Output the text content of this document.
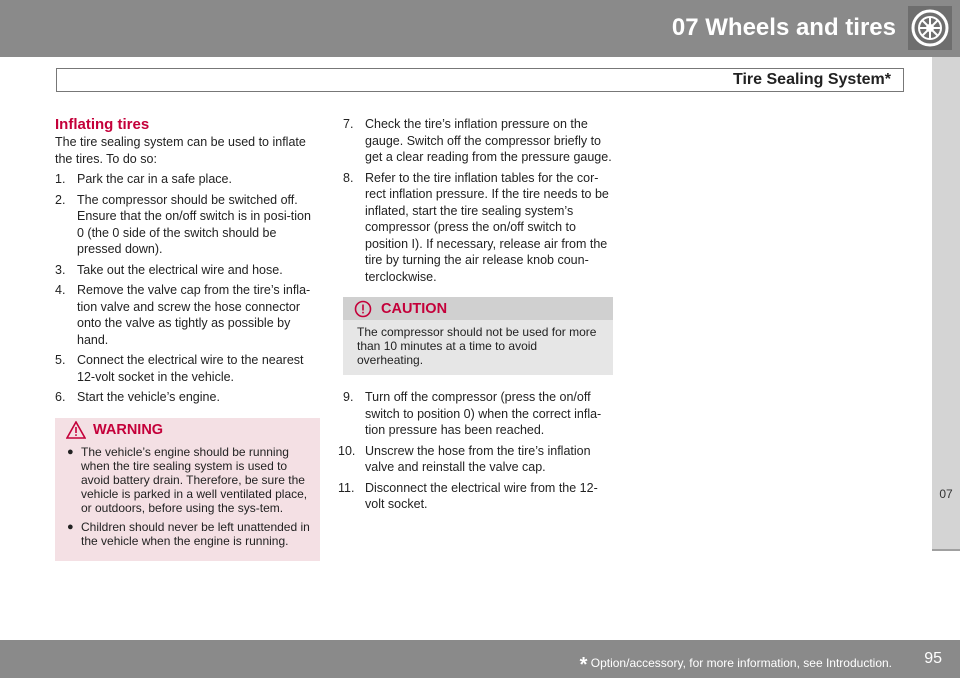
07 Wheels and tires
Tire Sealing System*
07
Inflating tires

The tire sealing system can be used to inflate the tires. To do so:

1. Park the car in a safe place.
2. The compressor should be switched off. Ensure that the on/off switch is in posi-tion 0 (the 0 side of the switch should be pressed down).
3. Take out the electrical wire and hose.
4. Remove the valve cap from the tire’s infla-tion valve and screw the hose connector onto the valve as tightly as possible by hand.
5. Connect the electrical wire to the nearest 12-volt socket in the vehicle.
6. Start the vehicle’s engine.
WARNING
● The vehicle’s engine should be running when the tire sealing system is used to avoid battery drain. Therefore, be sure the vehicle is parked in a well ventilated place, or outdoors, before using the sys-tem.
● Children should never be left unattended in the vehicle when the engine is running.
7. Check the tire’s inflation pressure on the gauge. Switch off the compressor briefly to get a clear reading from the pressure gauge.
8. Refer to the tire inflation tables for the cor-rect inflation pressure. If the tire needs to be inflated, start the tire sealing system’s compressor (press the on/off switch to position I). If necessary, release air from the tire by turning the air release knob coun-terclockwise.
CAUTION
The compressor should not be used for more than 10 minutes at a time to avoid overheating.
9. Turn off the compressor (press the on/off switch to position 0) when the correct infla-tion pressure has been reached.
10. Unscrew the hose from the tire’s inflation valve and reinstall the valve cap.
11. Disconnect the electrical wire from the 12-volt socket.
* Option/accessory, for more information, see Introduction. 95
